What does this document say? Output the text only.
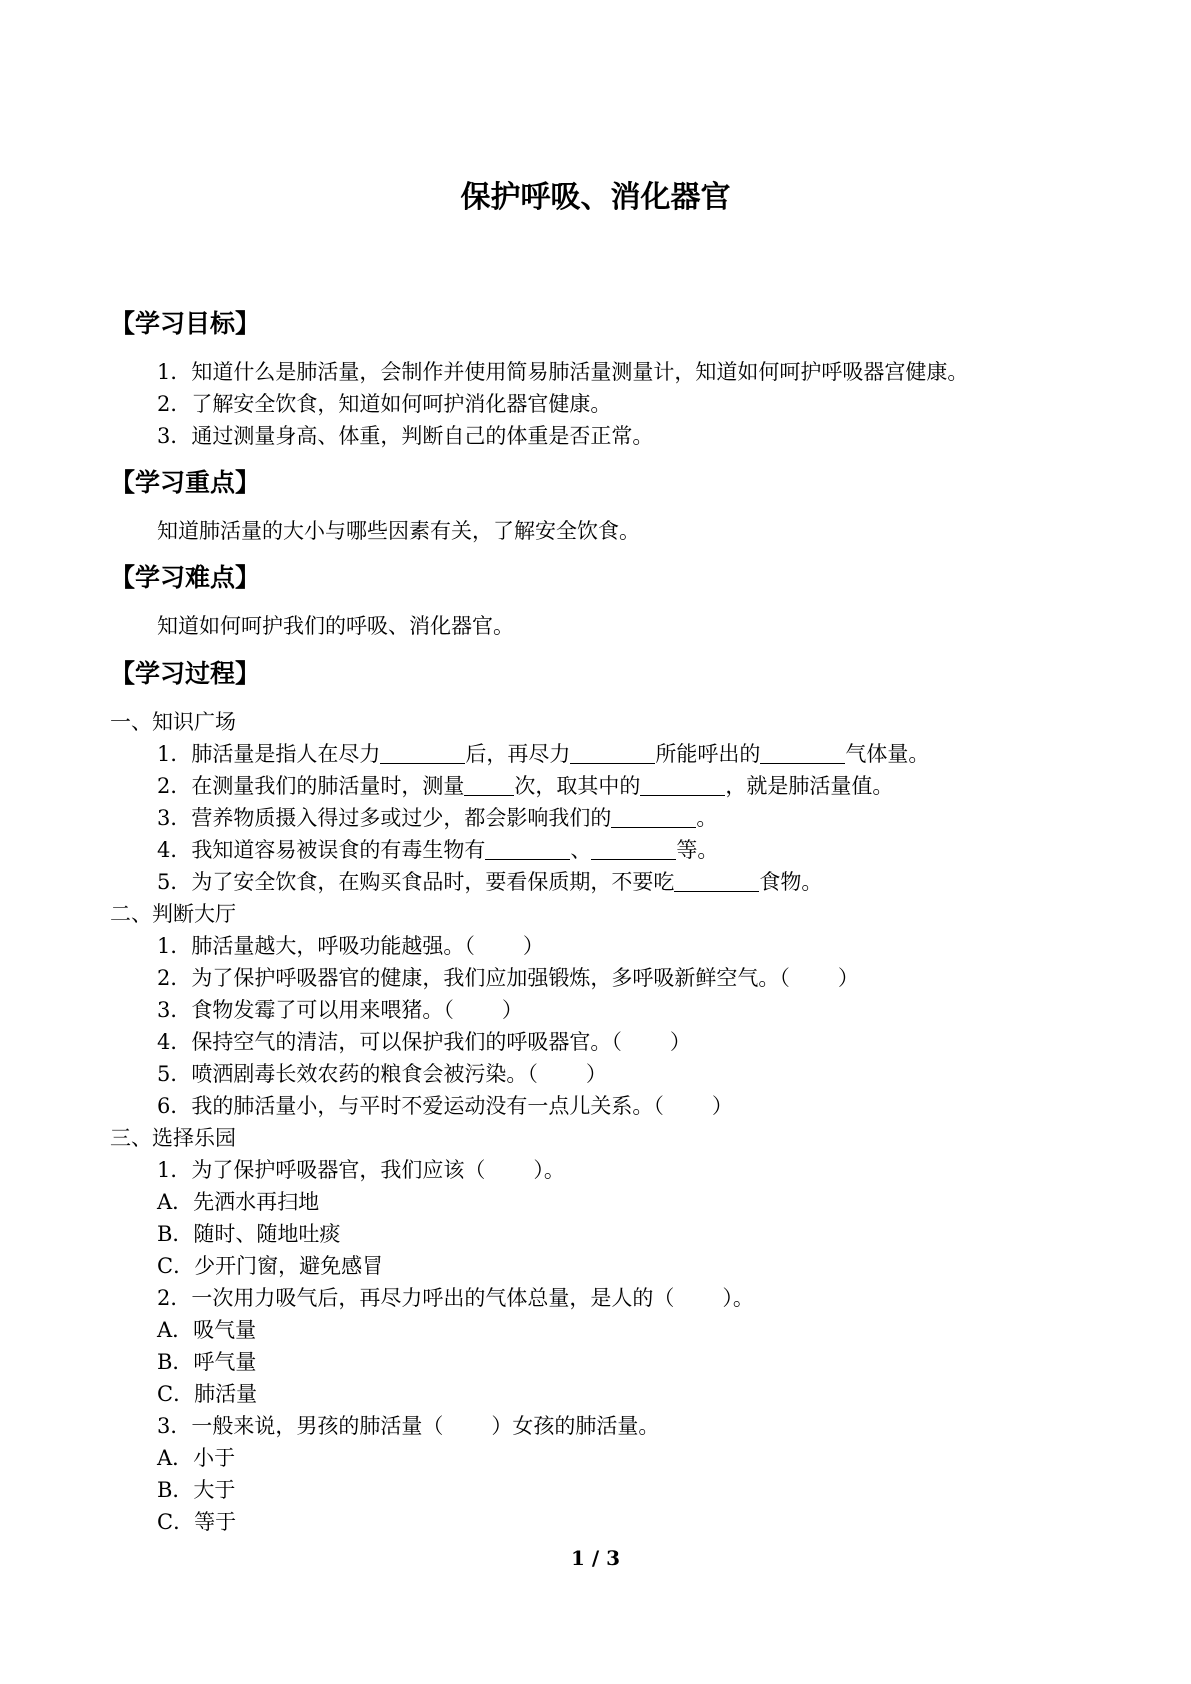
保护呼吸、消化器官
【学习目标】
1．知道什么是肺活量，会制作并使用简易肺活量测量计，知道如何呵护呼吸器宫健康。
2．了解安全饮食，知道如何呵护消化器官健康。
3．通过测量身高、体重，判断自己的体重是否正常。
【学习重点】
知道肺活量的大小与哪些因素有关，了解安全饮食。
【学习难点】
知道如何呵护我们的呼吸、消化器官。
【学习过程】
一、知识广场
1．肺活量是指人在尽力	后，再尽力	所能呼出的	气体量。
2．在测量我们的肺活量时，测量 次，取其中的	，就是肺活量值。
3．营养物质摄入得过多或过少，都会影响我们的	。
4．我知道容易被误食的有毒生物有	、	等。
5．为了安全饮食，在购买食品时，要看保质期，不要吃	食物。
二、判断大厅
1．肺活量越大，呼吸功能越强。（ ）
2．为了保护呼吸器官的健康，我们应加强锻炼，多呼吸新鲜空气。（ ）
3．食物发霉了可以用来喂猪。（ ）
4．保持空气的清洁，可以保护我们的呼吸器官。（ ）
5．喷洒剧毒长效农药的粮食会被污染。（ ）
6．我的肺活量小，与平时不爱运动没有一点儿关系。（ ）
三、选择乐园
1．为了保护呼吸器官，我们应该（ ）。
A．先洒水再扫地
B．随时、随地吐痰
C．少开门窗，避免感冒
2．一次用力吸气后，再尽力呼出的气体总量，是人的（ ）。
A．吸气量
B．呼气量
C．肺活量
3．一般来说，男孩的肺活量（ ）女孩的肺活量。
A．小于
B．大于
C．等于
1 / 3
